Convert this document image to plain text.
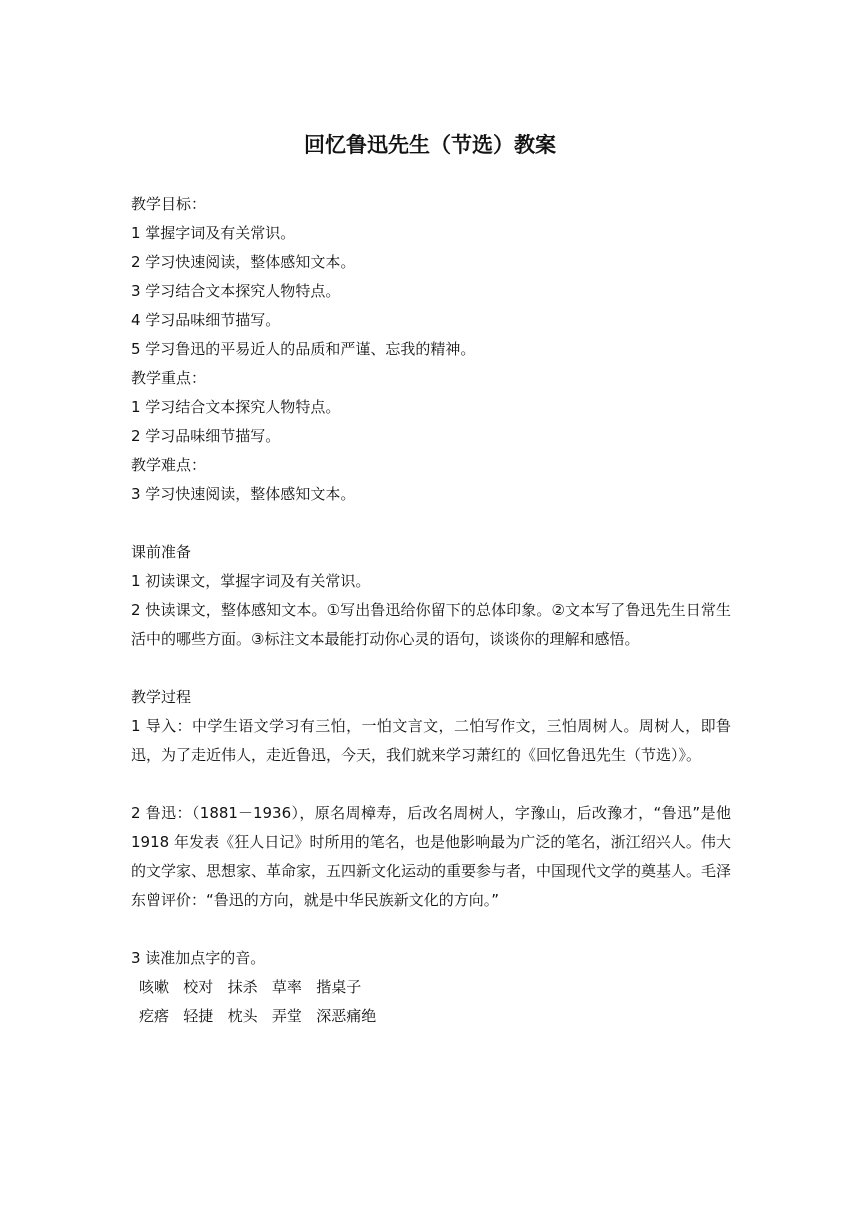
回忆鲁迅先生（节选）教案

教学目标：

1 掌握字词及有关常识。

2 学习快速阅读，整体感知文本。

3 学习结合文本探究人物特点。

4 学习品味细节描写。

5 学习鲁迅的平易近人的品质和严谨、忘我的精神。

教学重点：

1 学习结合文本探究人物特点。

2 学习品味细节描写。

教学难点：

3 学习快速阅读，整体感知文本。

课前准备

1 初读课文，掌握字词及有关常识。

2 快读课文，整体感知文本。①写出鲁迅给你留下的总体印象。②文本写了鲁迅先生日常生活中的哪些方面。③标注文本最能打动你心灵的语句，谈谈你的理解和感悟。

教学过程

1 导入：中学生语文学习有三怕，一怕文言文，二怕写作文，三怕周树人。周树人，即鲁迅，为了走近伟人，走近鲁迅，今天，我们就来学习萧红的《回忆鲁迅先生（节选）》。

2 鲁迅：（1881－1936），原名周樟寿，后改名周树人，字豫山，后改豫才，“鲁迅”是他 1918 年发表《狂人日记》时所用的笔名，也是他影响最为广泛的笔名，浙江绍兴人。伟大的文学家、思想家、革命家，五四新文化运动的重要参与者，中国现代文学的奠基人。毛泽东曾评价：“鲁迅的方向，就是中华民族新文化的方向。”

3 读准加点字的音。

咳嗽   校对   抹杀   草率   揩桌子

疙瘩   轻捷   枕头   弄堂   深恶痛绝
